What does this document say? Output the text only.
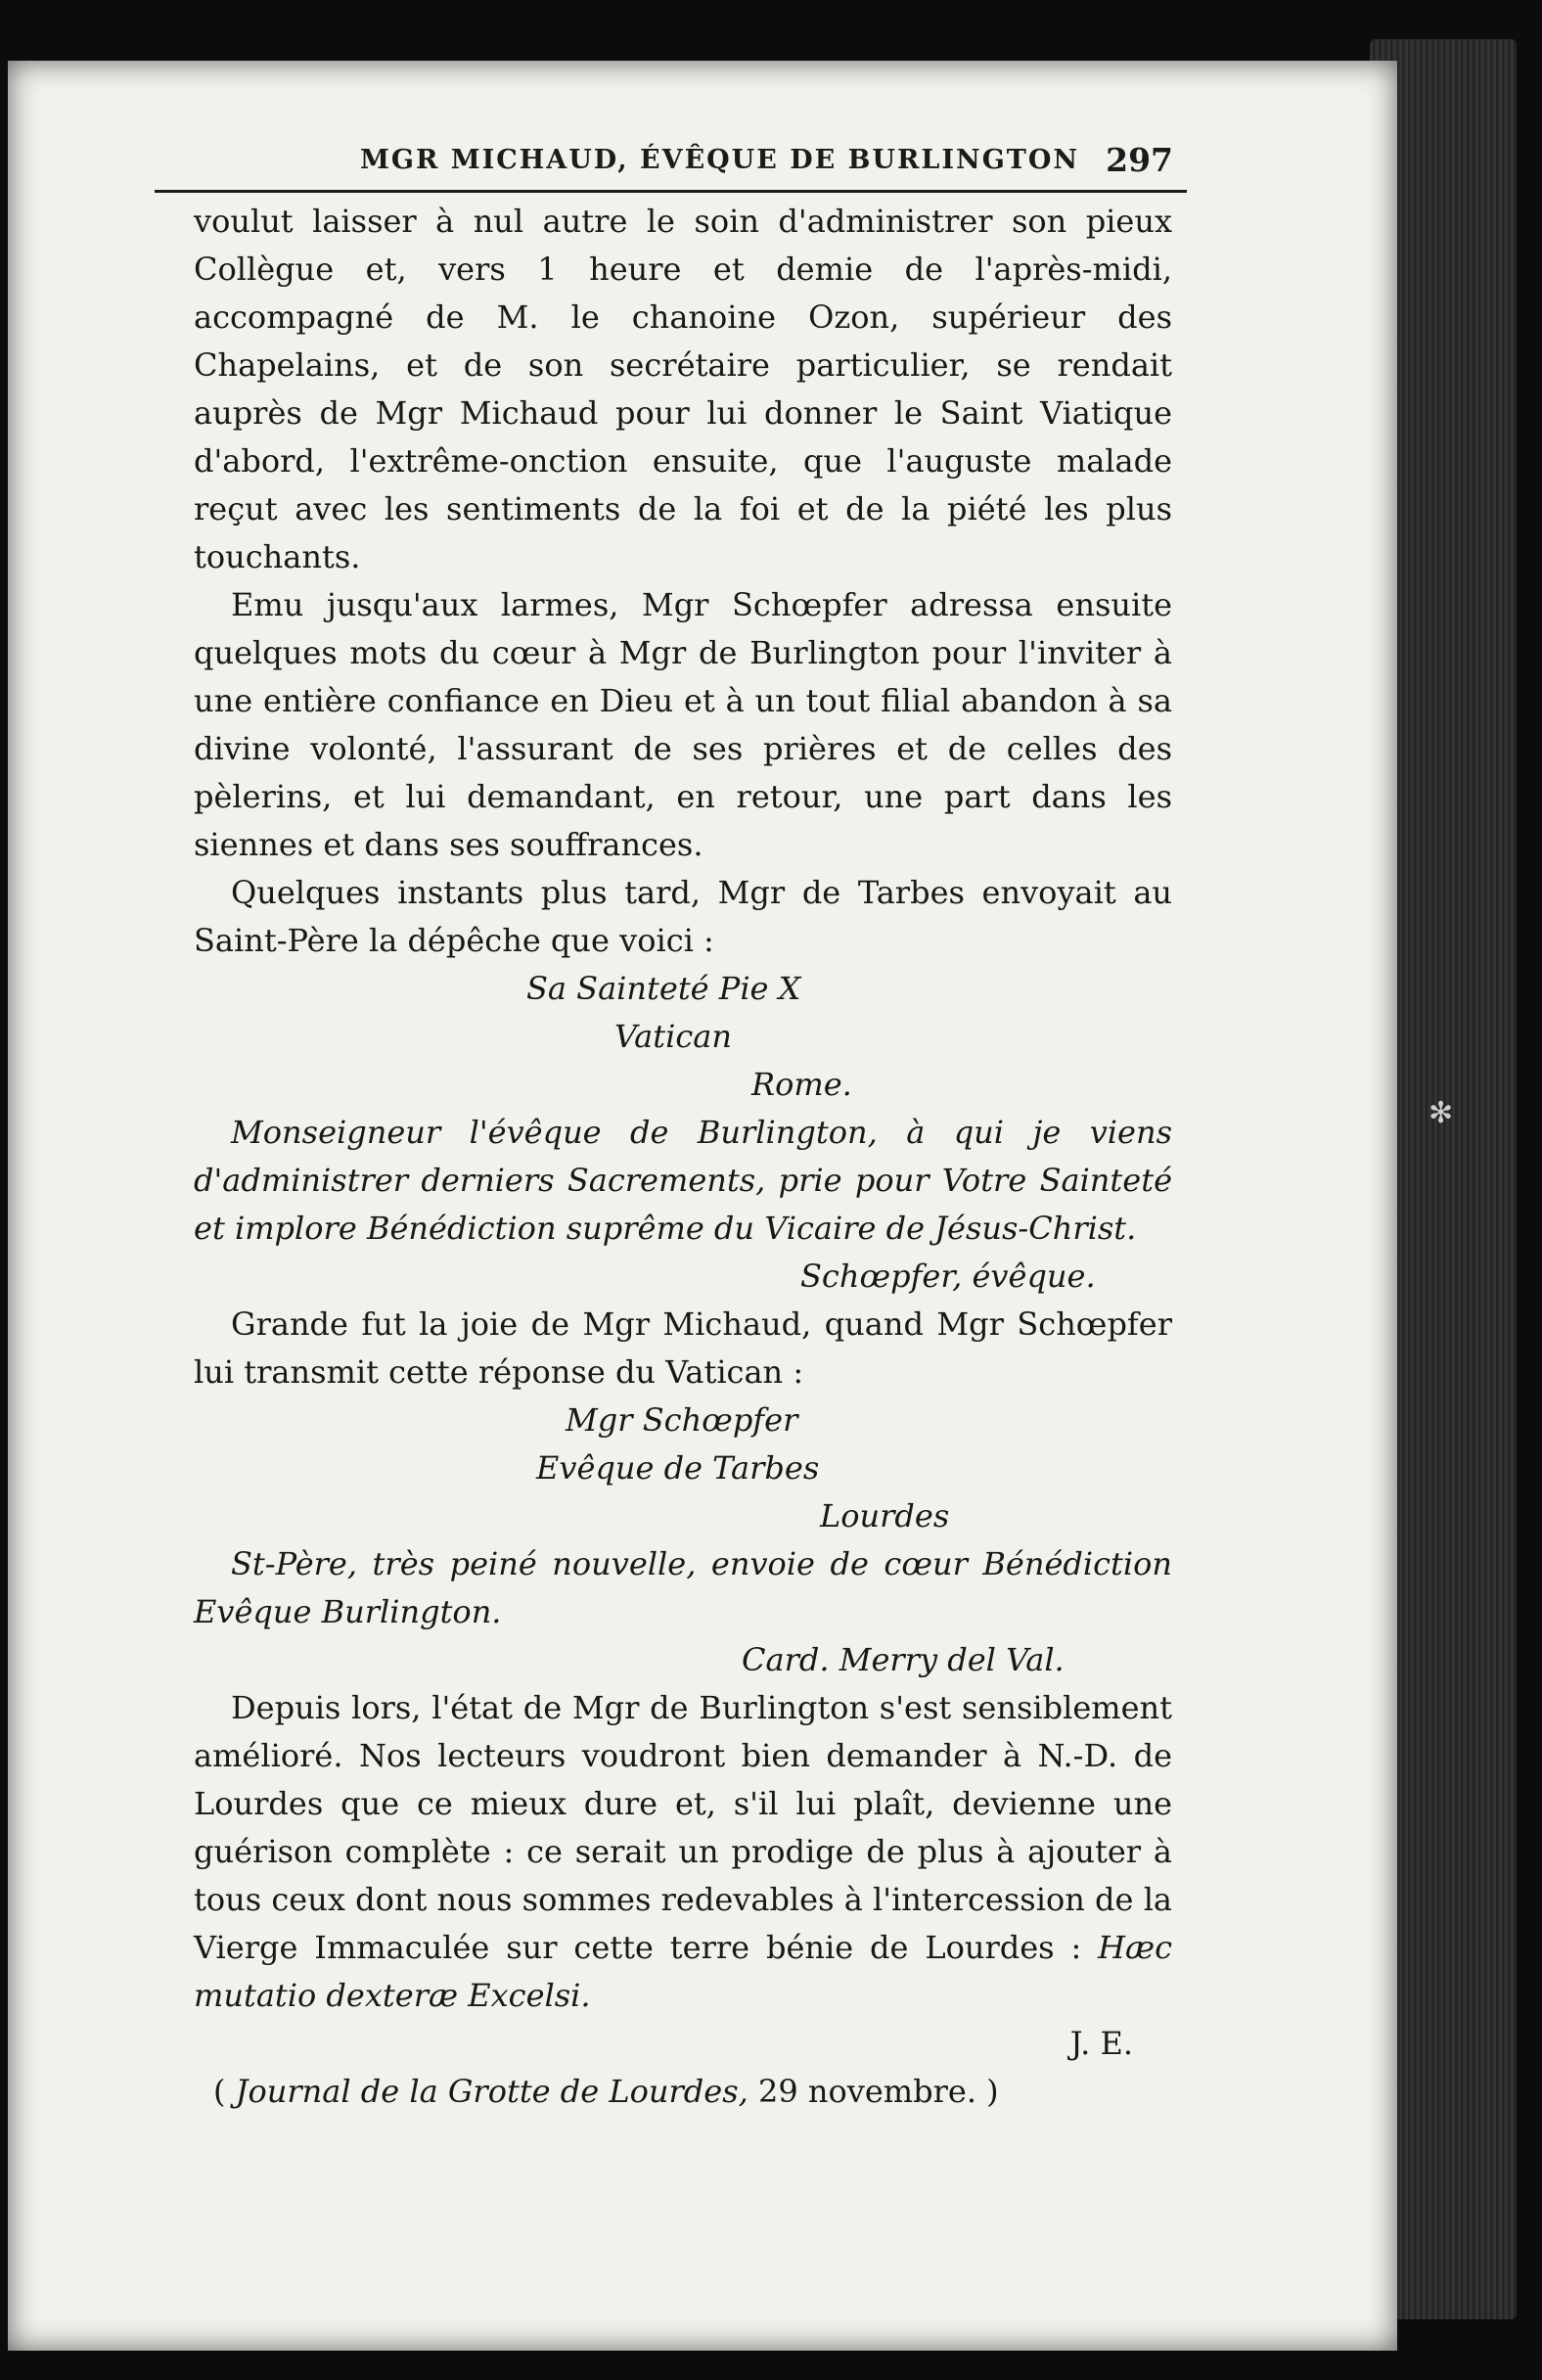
MGR MICHAUD, ÉVÊQUE DE BURLINGTON 297

voulut laisser à nul autre le soin d'administrer son pieux Collègue et, vers 1 heure et demie de l'après-midi, accompagné de M. le chanoine Ozon, supérieur des Chapelains, et de son secrétaire particulier, se rendait auprès de Mgr Michaud pour lui donner le Saint Viatique d'abord, l'extrême-onction ensuite, que l'auguste malade reçut avec les sentiments de la foi et de la piété les plus touchants.

Emu jusqu'aux larmes, Mgr Schœpfer adressa ensuite quelques mots du cœur à Mgr de Burlington pour l'inviter à une entière confiance en Dieu et à un tout filial abandon à sa divine volonté, l'assurant de ses prières et de celles des pèlerins, et lui demandant, en retour, une part dans les siennes et dans ses souffrances.

Quelques instants plus tard, Mgr de Tarbes envoyait au Saint-Père la dépêche que voici :

Sa Sainteté Pie X
Vatican
Rome.

Monseigneur l'évêque de Burlington, à qui je viens d'administrer derniers Sacrements, prie pour Votre Sainteté et implore Bénédiction suprême du Vicaire de Jésus-Christ.

Schœpfer, évêque.

Grande fut la joie de Mgr Michaud, quand Mgr Schœpfer lui transmit cette réponse du Vatican :

Mgr Schœpfer
Evêque de Tarbes
Lourdes

St-Père, très peiné nouvelle, envoie de cœur Bénédiction Evêque Burlington.

Card. Merry del Val.

Depuis lors, l'état de Mgr de Burlington s'est sensiblement amélioré. Nos lecteurs voudront bien demander à N.-D. de Lourdes que ce mieux dure et, s'il lui plaît, devienne une guérison complète : ce serait un prodige de plus à ajouter à tous ceux dont nous sommes redevables à l'intercession de la Vierge Immaculée sur cette terre bénie de Lourdes : Hæc mutatio dexteræ Excelsi.

J. E.
( Journal de la Grotte de Lourdes, 29 novembre. )
✻
